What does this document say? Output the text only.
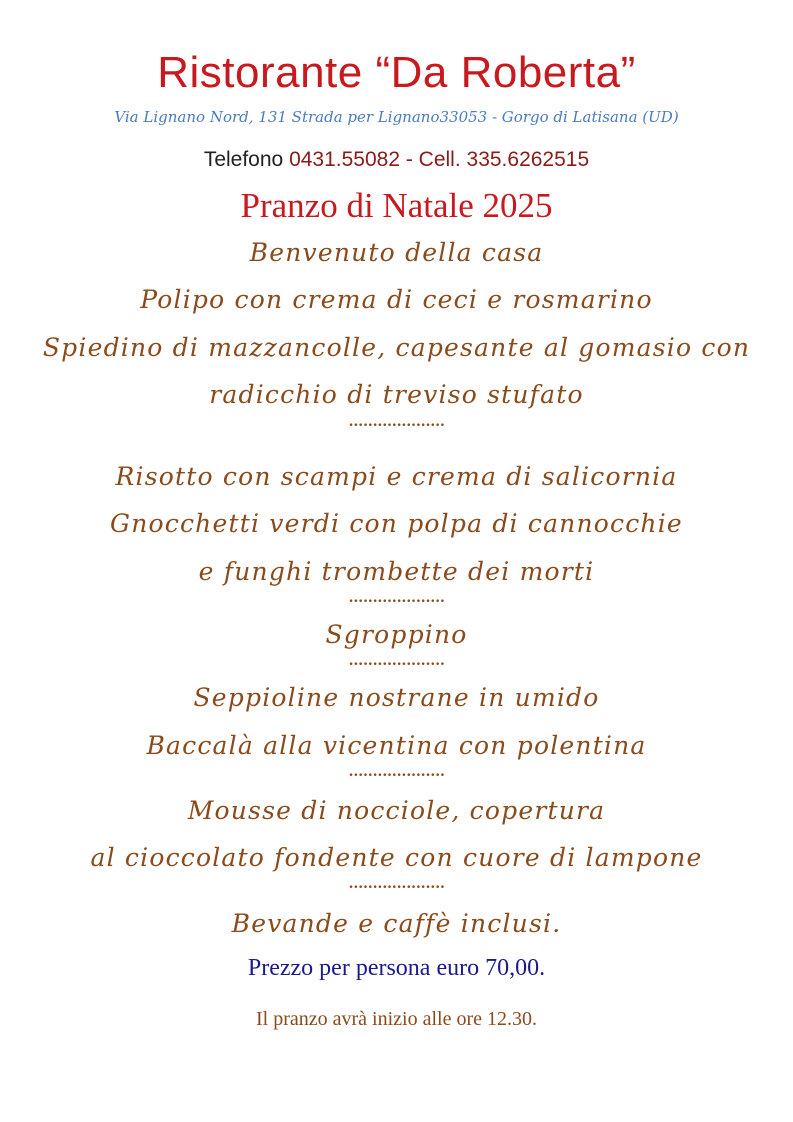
Ristorante “Da Roberta”
Via Lignano Nord, 131 Strada per Lignano33053 - Gorgo di Latisana (UD)
Telefono 0431.55082 - Cell. 335.6262515
Pranzo di Natale 2025
Benvenuto della casa
Polipo con crema di ceci e rosmarino
Spiedino di mazzancolle, capesante al gomasio con
radicchio di treviso stufato
••••••••••••••••••••
Risotto con scampi e crema di salicornia
Gnocchetti verdi con polpa di cannocchie
e funghi trombette dei morti
••••••••••••••••••••
Sgroppino
••••••••••••••••••••
Seppioline nostrane in umido
Baccalà alla vicentina con polentina
••••••••••••••••••••
Mousse di nocciole, copertura
al cioccolato fondente con cuore di lampone
••••••••••••••••••••
Bevande e caffè inclusi.
Prezzo per persona euro 70,00.
Il pranzo avrà inizio alle ore 12.30.
